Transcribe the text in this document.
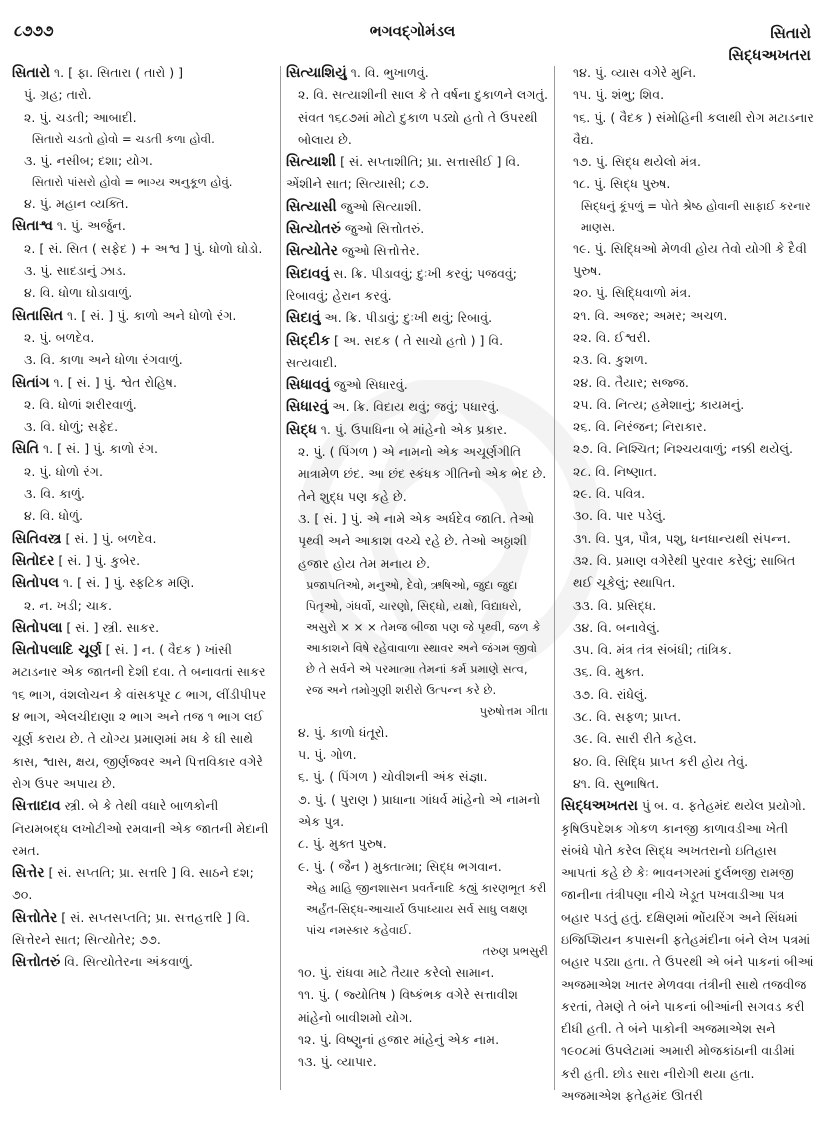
૮૭૭૭	ભગવદ્ગોમંડલ	સિતારો
સિદ્ધઅખતરા
સિતારો ૧. [ ફા. સિતારા ( તારો ) ]
પું. ગ્રહ; તારો.
૨. પું. ચડતી; આબાદી.
સિતારો ચડતો હોવો = ચડતી કળા હોવી.
૩. પું. નસીબ; દશા; યોગ.
સિતારો પાંસરો હોવો = ભાગ્ય અનુકૂળ હોવું.
૪. પું. મહાન વ્યક્તિ.
સિતાશ્વ ૧. પું. અર્જુન.
૨. [ સં. સિત ( સફેદ ) + અશ્વ ] પું. ધોળો ઘોડો.
૩. પું. સાદડાનું ઝાડ.
૪. વિ. ધોળા ઘોડાવાળું.
સિતાસિત ૧. [ સં. ] પું. કાળો અને ધોળો રંગ.
૨. પું. બળદેવ.
૩. વિ. કાળા અને ધોળા રંગવાળું.
સિતાંગ ૧. [ સં. ] પું. શ્વેત રોહિષ.
૨. વિ. ધોળાં શરીરવાળું.
૩. વિ. ધોળું; સફેદ.
સિતિ ૧. [ સં. ] પું. કાળો રંગ.
૨. પું. ધોળો રંગ.
૩. વિ. કાળું.
૪. વિ. ધોળું.
સિતિવસ્ત્ર [ સં. ] પું. બળદેવ.
સિતોદર [ સં. ] પું. કુબેર.
સિતોપલ ૧. [ સં. ] પું. સ્ફટિક મણિ.
૨. ન. ખડી; ચાક.
સિતોપલા [ સં. ] સ્ત્રી. સાકર.
સિતોપલાદિ ચૂર્ણ [ સં. ] ન. ( વૈદક ) ખાંસી મટાડનાર એક જાતની દેશી દવા. તે બનાવતાં સાકર ૧૬ ભાગ, વંશલોચન કે વાંસકપૂર ૮ ભાગ, લીંડીપીપર ૪ ભાગ, એલચીદાણા ૨ ભાગ અને તજ ૧ ભાગ લઈ ચૂર્ણ કરાય છે. તે યોગ્ય પ્રમાણમાં મધ કે ઘી સાથે કાસ, શ્વાસ, ક્ષય, જીર્ણજ્વર અને પિત્તવિકાર વગેરે રોગ ઉપર અપાય છે.
સિત્તાદાવ સ્ત્રી. બે કે તેથી વધારે બાળકોની નિયમબદ્ધ લખોટીઓ રમવાની એક જાતની મેદાની રમત.
સિત્તેર [ સં. સપ્તતિ; પ્રા. સત્તરિ ] વિ. સાઠને દશ; ૭૦.
સિત્તોતેર [ સં. સપ્તસપ્તતિ; પ્રા. સત્તહત્તરિ ] વિ. સિત્તેરને સાત; સિત્યોતેર; ૭૭.
સિત્તોતરું વિ. સિત્યોતેરના અંકવાળું.
સિત્યાશિયું ૧. વિ. ભુખાળવું.
૨. વિ. સત્યાશીની સાલ કે તે વર્ષના દુકાળને લગતું. સંવત ૧૬૮૭માં મોટો દુકાળ પડ્યો હતો તે ઉપરથી બોલાય છે.
સિત્યાશી [ સં. સપ્તાશીતિ; પ્રા. સત્તાસીઈ ] વિ. એંશીને સાત; સિત્યાસી; ૮૭.
સિત્યાસી જુઓ સિત્યાશી.
સિત્યોતરું જુઓ સિત્તોતરું.
સિત્યોતેર જુઓ સિત્તોત્તેર.
સિદાવવું સ. ક્રિ. પીડાવવું; દુઃખી કરવું; પજવવું; રિબાવવું; હેરાન કરવું.
સિદાવું અ. ક્રિ. પીડાવું; દુઃખી થવું; રિબાવું.
સિદ્દીક [ અ. સદક ( તે સાચો હતો ) ] વિ. સત્યવાદી.
સિધાવવું જુઓ સિધારવું.
સિધારવું અ. ક્રિ. વિદાય થવું; જવું; પધારવું.
સિદ્ધ ૧. પું. ઉપાધિના બે માંહેનો એક પ્રકાર.
૨. પું. ( પિંગળ ) એ નામનો એક અચૂર્ણગીતિ માત્રામેળ છંદ. આ છંદ સ્કંધક ગીતિનો એક ભેદ છે. તેને શુદ્ધ પણ કહે છે.
૩. [ સં. ] પું. એ નામે એક અર્ધદેવ જાતિ. તેઓ પૃથ્વી અને આકાશ વચ્ચે રહે છે. તેઓ અઠ્ઠાશી હજાર હોય તેમ મનાય છે.
પ્રજાપતિઓ, મનુઓ, દેવો, ઋષિઓ, જુદા જુદા પિતૃઓ, ગંધર્વો, ચારણો, સિદ્ધો, યક્ષો, વિદ્યાધરો, અસુરો × × × તેમજ બીજા પણ જે પૃથ્વી, જળ કે આકાશને વિષે રહેવાવાળા સ્થાવર અને જંગમ જીવો છે તે સર્વને એ પરમાત્મા તેમનાં કર્મ પ્રમાણે સત્વ, રજ અને તમોગુણી શરીરો ઉત્પન્ન કરે છે.
પુરુષોત્તમ ગીતા
૪. પું. કાળો ધંતૂરો.
૫. પું. ગોળ.
૬. પું. ( પિંગળ ) ચોવીશની અંક સંજ્ઞા.
૭. પું. ( પુરાણ ) પ્રાધાના ગાંધર્વ માંહેનો એ નામનો એક પુત્ર.
૮. પું. મુક્ત પુરુષ.
૯. પું. ( જૈન ) મુક્તાત્મા; સિદ્ધ ભગવાન.
એહ માહિ જીનશાસન પ્રવર્તનાદિ કહ્યું કારણભૂત કરી અર્હંત-સિદ્ધ-આચાર્ય ઉપાધ્યાય સર્વ સાધુ લક્ષણ પાંચ નમસ્કાર કહેવાઈ.
તરુણ પ્રભસુરી
૧૦. પું. રાંધવા માટે તૈયાર કરેલો સામાન.
૧૧. પું. ( જ્યોતિષ ) વિષ્કંભક વગેરે સત્તાવીશ માંહેનો બાવીશમો યોગ.
૧૨. પું. વિષ્ણુનાં હજાર માંહેનું એક નામ.
૧૩. પું. વ્યાપાર.
૧૪. પું. વ્યાસ વગેરે મુનિ.
૧૫. પું. શંભુ; શિવ.
૧૬. પું. ( વૈદક ) સંમોહિની કલાથી રોગ મટાડનાર વૈદ્ય.
૧૭. પું. સિદ્ધ થયેલો મંત્ર.
૧૮. પું. સિદ્ધ પુરુષ.
સિદ્ધનું કૂંપળું = પોતે શ્રેષ્ઠ હોવાની સાફાઈ કરનાર માણસ.
૧૯. પું. સિદ્ધિઓ મેળવી હોય તેવો યોગી કે દૈવી પુરુષ.
૨૦. પું. સિદ્ધિવાળો મંત્ર.
૨૧. વિ. અજર; અમર; અચળ.
૨૨. વિ. ઈશ્વરી.
૨૩. વિ. કુશળ.
૨૪. વિ. તૈયાર; સજ્જ.
૨૫. વિ. નિત્ય; હમેશાનું; કાયમનું.
૨૬. વિ. નિરંજન; નિરાકાર.
૨૭. વિ. નિશ્ચિત; નિશ્ચયવાળું; નક્કી થયેલું.
૨૮. વિ. નિષ્ણાત.
૨૯. વિ. પવિત્ર.
૩૦. વિ. પાર પડેલું.
૩૧. વિ. પુત્ર, પૌત્ર, પશુ, ધનધાન્યથી સંપન્ન.
૩૨. વિ. પ્રમાણ વગેરેથી પુરવાર કરેલું; સાબિત થઈ ચૂકેલું; સ્થાપિત.
૩૩. વિ. પ્રસિદ્ધ.
૩૪. વિ. બનાવેલું.
૩૫. વિ. મંત્ર તંત્ર સંબંધી; તાંત્રિક.
૩૬. વિ. મુક્ત.
૩૭. વિ. રાંધેલું.
૩૮. વિ. સફળ; પ્રાપ્ત.
૩૯. વિ. સારી રીતે કહેલ.
૪૦. વિ. સિદ્ધિ પ્રાપ્ત કરી હોય તેવું.
૪૧. વિ. સુભાષિત.
સિદ્ધઅખતરા પું બ. વ. ફતેહમંદ થયેલ પ્રયોગો. કૃષિઉપદેશક ગોકળ કાનજી કાળાવડીઆ ખેતી સંબંધે પોતે કરેલ સિદ્ધ અખતરાનો ઇતિહાસ આપતાં કહે છે કેઃ ભાવનગરમાં દુર્લભજી રામજી જાનીના તંત્રીપણા નીચે ખેડૂત પખવાડીઆ પત્ર બહાર પડતું હતું. દક્ષિણમાં ભોંયરિંગ અને સિંધમાં ઇજિપ્શિયન કપાસની ફતેહમંદીના બંને લેખ પત્રમાં બહાર પડ્યા હતા. તે ઉપરથી એ બંને પાકનાં બીઆં અજમાએશ ખાતર મેળવવા તંત્રીની સાથે તજવીજ કરતાં, તેમણે તે બંને પાકનાં બીઆંની સગવડ કરી દીધી હતી. તે બંને પાકોની અજમાએશ સને ૧૯૦૮માં ઉપલેટામાં અમારી મોજકાંઠાની વાડીમાં કરી હતી. છોડ સારા નીરોગી થયા હતા. અજમાએશ ફતેહમંદ ઊતરી
